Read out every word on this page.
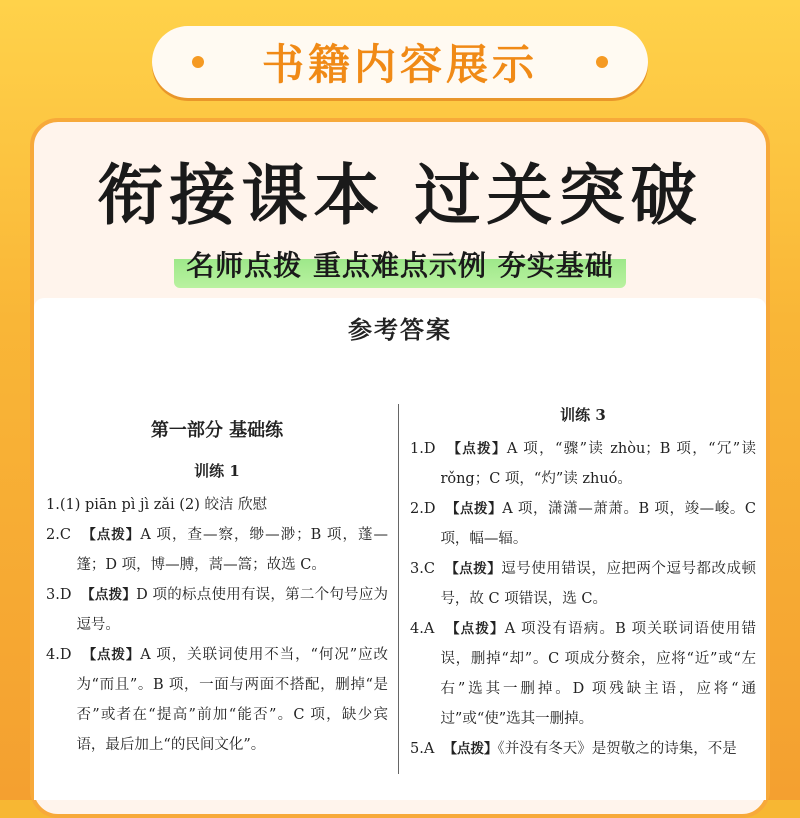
书籍内容展示
衔接课本 过关突破
名师点拨 重点难点示例 夯实基础
参考答案
第一部分 基础练
训练 1

1.(1) piān pì jì zǎi (2) 皎洁 欣慰

2.C 【点拨】A 项，查—察，缈—渺；B 项，蓬—篷；D 项，博—膊，蒿—篙；故选 C。

3.D 【点拨】D 项的标点使用有误，第二个句号应为逗号。

4.D 【点拨】A 项，关联词使用不当，“何况”应改为“而且”。B 项，一面与两面不搭配，删掉“是否”或者在“提高”前加“能否”。C 项，缺少宾语，最后加上“的民间文化”。

训练 3

1.D 【点拨】A 项，“骤”读 zhòu；B 项，“冗”读 rǒng；C 项，“灼”读 zhuó。

2.D 【点拨】A 项，潇潇—萧萧。B 项，竣—峻。C 项，幅—辐。

3.C 【点拨】逗号使用错误，应把两个逗号都改成顿号，故 C 项错误，选 C。

4.A 【点拨】A 项没有语病。B 项关联词语使用错误，删掉“却”。C 项成分赘余，应将“近”或“左右”选其一删掉。D 项残缺主语，应将“通过”或“使”选其一删掉。

5.A 【点拨】《并没有冬天》是贺敬之的诗集，不是
